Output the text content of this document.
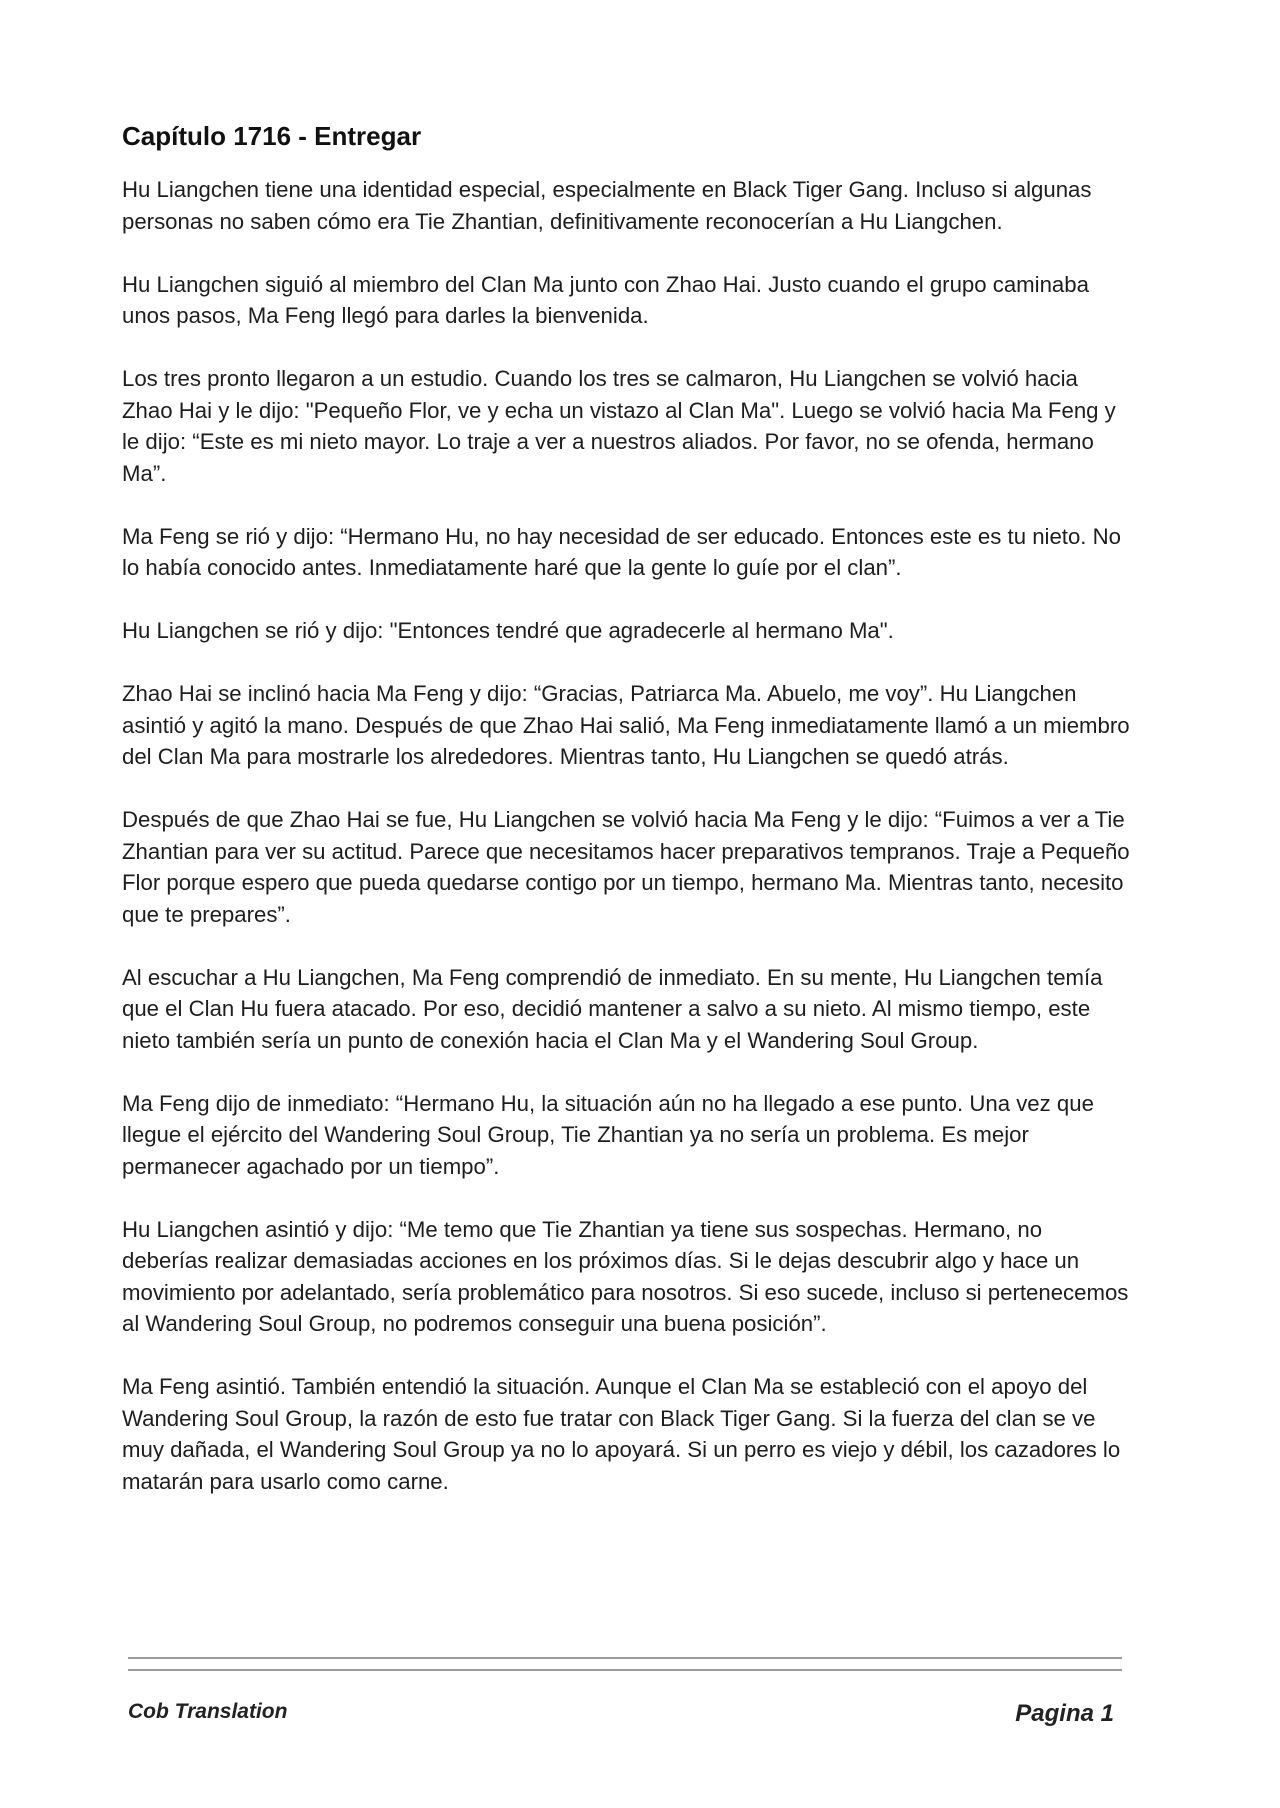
Capítulo 1716 - Entregar

Hu Liangchen tiene una identidad especial, especialmente en Black Tiger Gang. Incluso si algunas personas no saben cómo era Tie Zhantian, definitivamente reconocerían a Hu Liangchen.

Hu Liangchen siguió al miembro del Clan Ma junto con Zhao Hai. Justo cuando el grupo caminaba unos pasos, Ma Feng llegó para darles la bienvenida.

Los tres pronto llegaron a un estudio. Cuando los tres se calmaron, Hu Liangchen se volvió hacia Zhao Hai y le dijo: "Pequeño Flor, ve y echa un vistazo al Clan Ma". Luego se volvió hacia Ma Feng y le dijo: “Este es mi nieto mayor. Lo traje a ver a nuestros aliados. Por favor, no se ofenda, hermano Ma”.

Ma Feng se rió y dijo: “Hermano Hu, no hay necesidad de ser educado. Entonces este es tu nieto. No lo había conocido antes. Inmediatamente haré que la gente lo guíe por el clan”.

Hu Liangchen se rió y dijo: "Entonces tendré que agradecerle al hermano Ma".

Zhao Hai se inclinó hacia Ma Feng y dijo: “Gracias, Patriarca Ma. Abuelo, me voy”. Hu Liangchen asintió y agitó la mano. Después de que Zhao Hai salió, Ma Feng inmediatamente llamó a un miembro del Clan Ma para mostrarle los alrededores. Mientras tanto, Hu Liangchen se quedó atrás.

Después de que Zhao Hai se fue, Hu Liangchen se volvió hacia Ma Feng y le dijo: “Fuimos a ver a Tie Zhantian para ver su actitud. Parece que necesitamos hacer preparativos tempranos. Traje a Pequeño Flor porque espero que pueda quedarse contigo por un tiempo, hermano Ma. Mientras tanto, necesito que te prepares”.

Al escuchar a Hu Liangchen, Ma Feng comprendió de inmediato. En su mente, Hu Liangchen temía que el Clan Hu fuera atacado. Por eso, decidió mantener a salvo a su nieto. Al mismo tiempo, este nieto también sería un punto de conexión hacia el Clan Ma y el Wandering Soul Group.

Ma Feng dijo de inmediato: “Hermano Hu, la situación aún no ha llegado a ese punto. Una vez que llegue el ejército del Wandering Soul Group, Tie Zhantian ya no sería un problema. Es mejor permanecer agachado por un tiempo”.

Hu Liangchen asintió y dijo: “Me temo que Tie Zhantian ya tiene sus sospechas. Hermano, no deberías realizar demasiadas acciones en los próximos días. Si le dejas descubrir algo y hace un movimiento por adelantado, sería problemático para nosotros. Si eso sucede, incluso si pertenecemos al Wandering Soul Group, no podremos conseguir una buena posición”.

Ma Feng asintió. También entendió la situación. Aunque el Clan Ma se estableció con el apoyo del Wandering Soul Group, la razón de esto fue tratar con Black Tiger Gang. Si la fuerza del clan se ve muy dañada, el Wandering Soul Group ya no lo apoyará. Si un perro es viejo y débil, los cazadores lo matarán para usarlo como carne.

Cob Translation	Pagina 1
